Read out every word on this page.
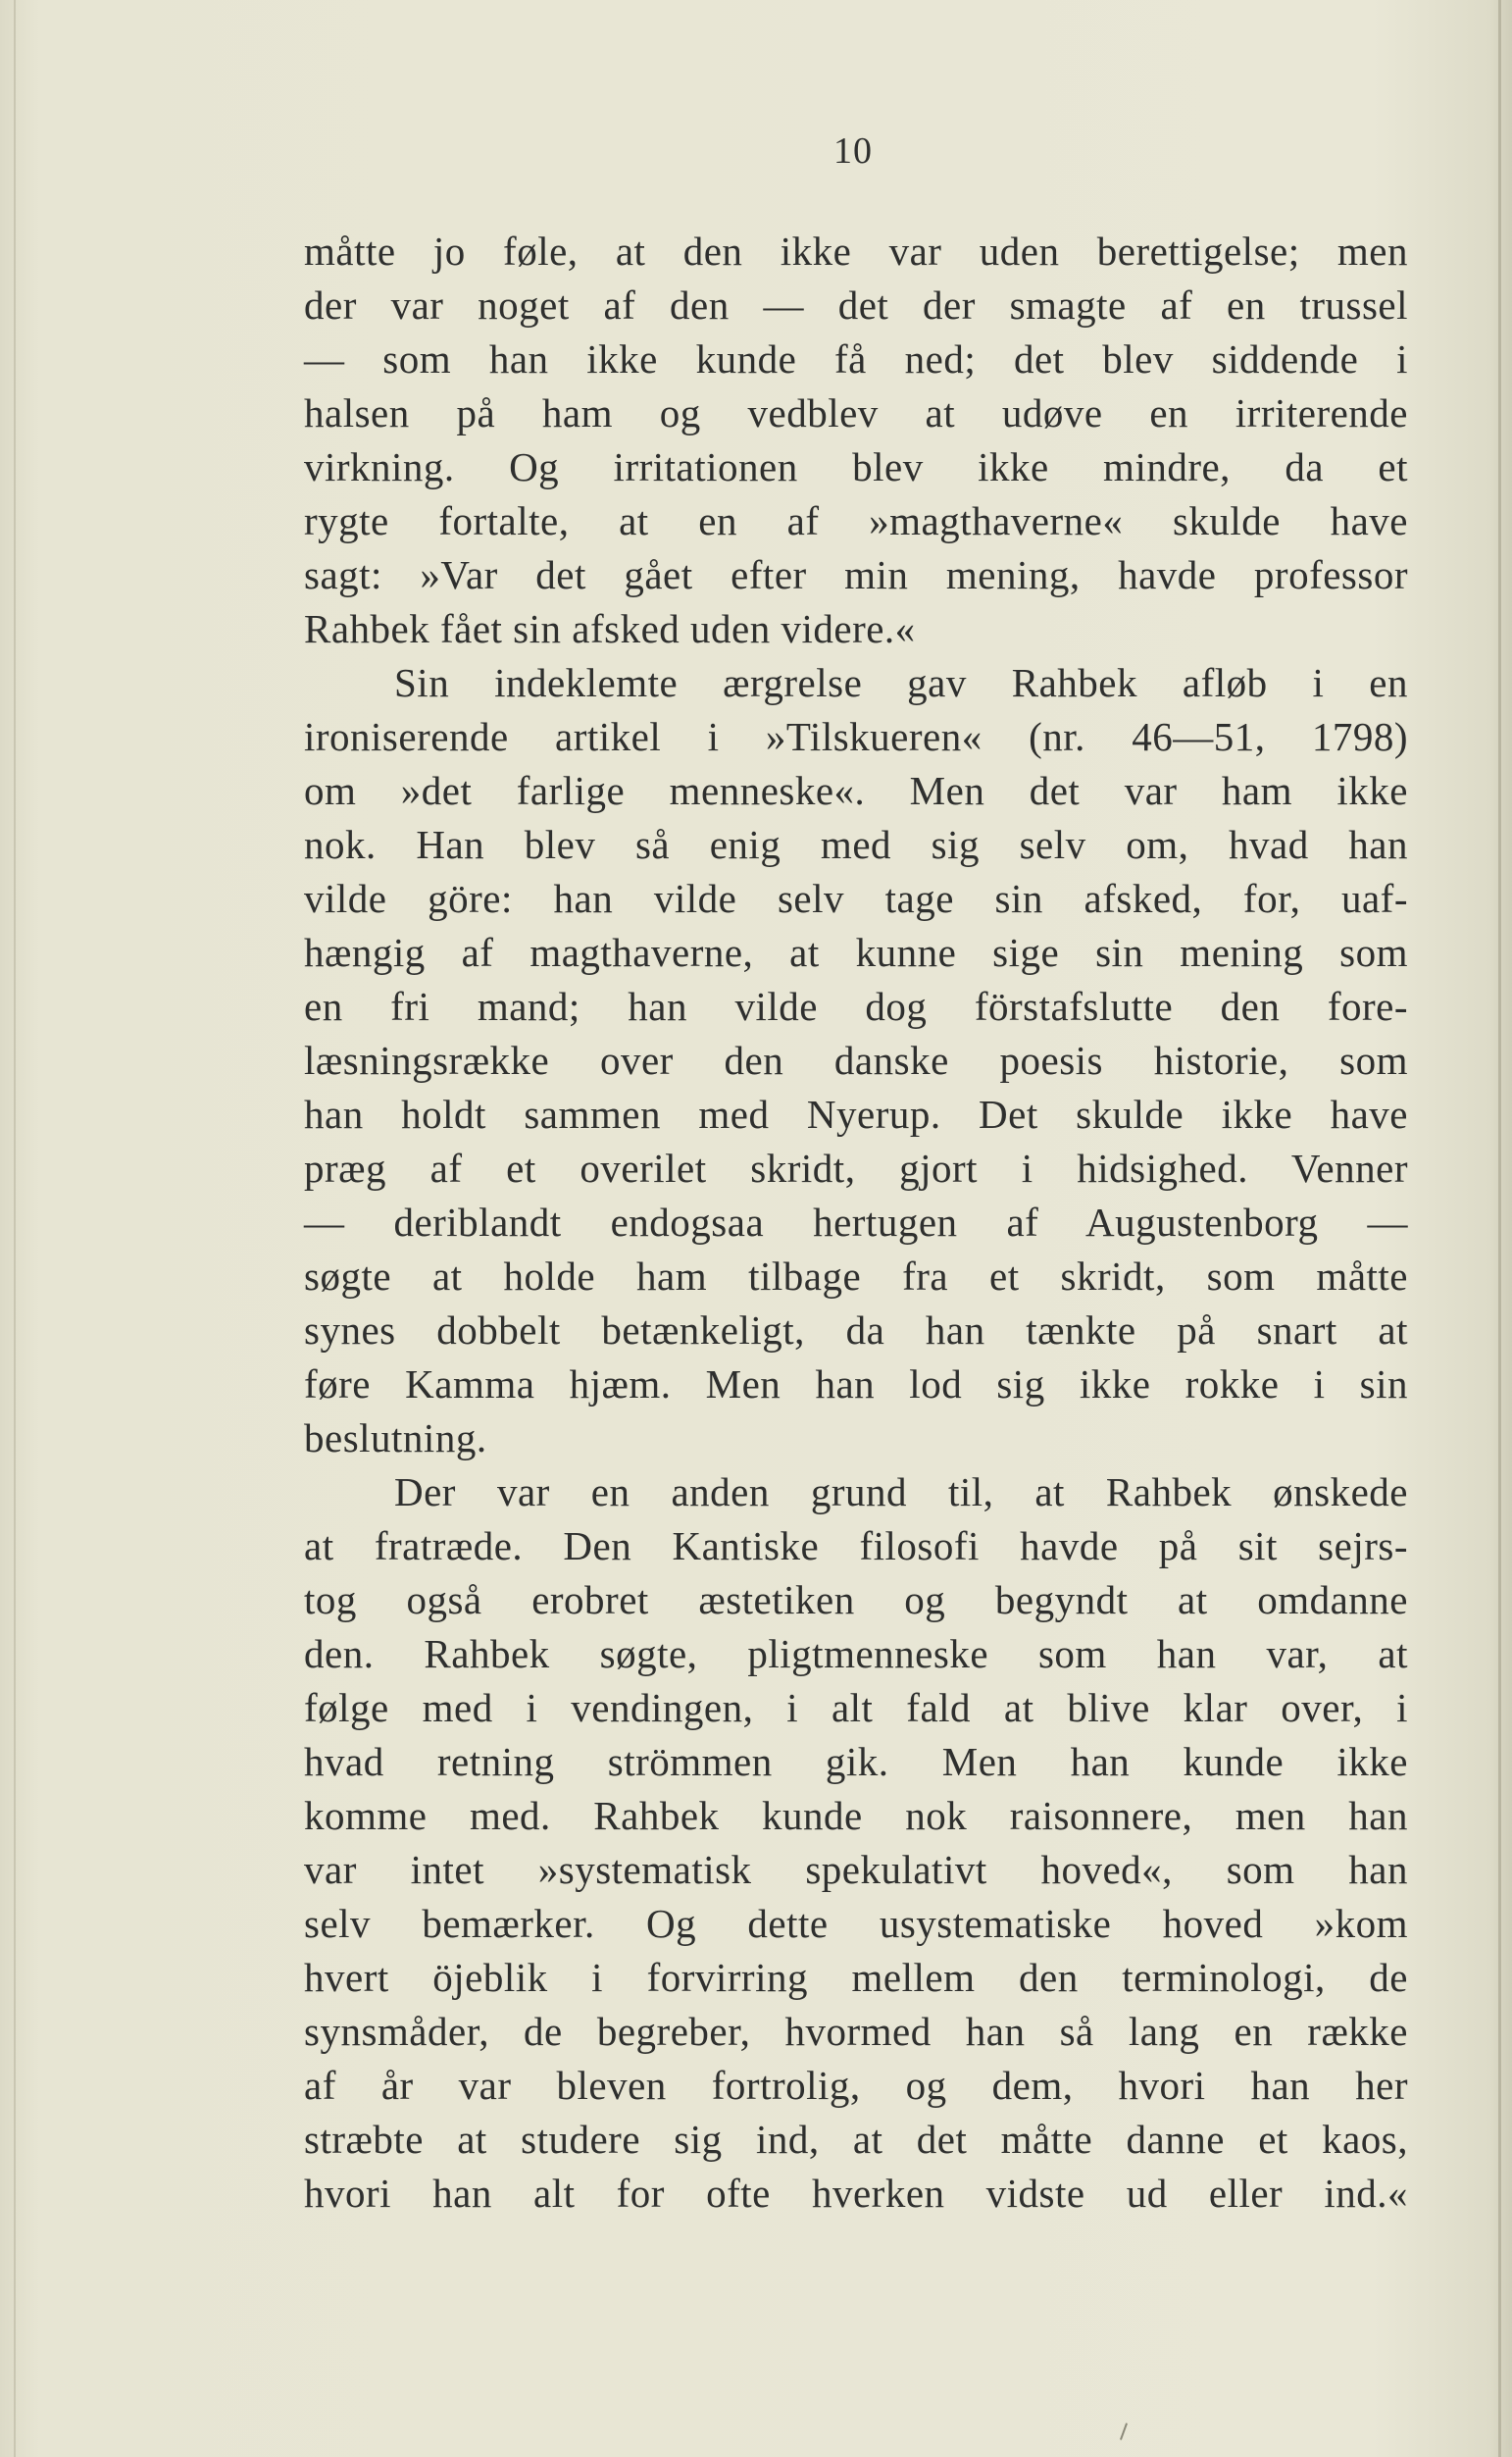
10
måtte jo føle, at den ikke var uden berettigelse; men
der var noget af den — det der smagte af en trussel
— som han ikke kunde få ned; det blev siddende i
halsen på ham og vedblev at udøve en irriterende
virkning. Og irritationen blev ikke mindre, da et
rygte fortalte, at en af »magthaverne« skulde have
sagt: »Var det gået efter min mening, havde professor
Rahbek fået sin afsked uden videre.«
Sin indeklemte ærgrelse gav Rahbek afløb i en
ironiserende artikel i »Tilskueren« (nr. 46—51, 1798)
om »det farlige menneske«. Men det var ham ikke
nok. Han blev så enig med sig selv om, hvad han
vilde göre: han vilde selv tage sin afsked, for, uaf-
hængig af magthaverne, at kunne sige sin mening som
en fri mand; han vilde dog förstafslutte den fore-
læsningsrække over den danske poesis historie, som
han holdt sammen med Nyerup. Det skulde ikke have
præg af et overilet skridt, gjort i hidsighed. Venner
— deriblandt endogsaa hertugen af Augustenborg —
søgte at holde ham tilbage fra et skridt, som måtte
synes dobbelt betænkeligt, da han tænkte på snart at
føre Kamma hjæm. Men han lod sig ikke rokke i sin
beslutning.
Der var en anden grund til, at Rahbek ønskede
at fratræde. Den Kantiske filosofi havde på sit sejrs-
tog også erobret æstetiken og begyndt at omdanne
den. Rahbek søgte, pligtmenneske som han var, at
følge med i vendingen, i alt fald at blive klar over, i
hvad retning strömmen gik. Men han kunde ikke
komme med. Rahbek kunde nok raisonnere, men han
var intet »systematisk spekulativt hoved«, som han
selv bemærker. Og dette usystematiske hoved »kom
hvert öjeblik i forvirring mellem den terminologi, de
synsmåder, de begreber, hvormed han så lang en række
af år var bleven fortrolig, og dem, hvori han her
stræbte at studere sig ind, at det måtte danne et kaos,
hvori han alt for ofte hverken vidste ud eller ind.«
